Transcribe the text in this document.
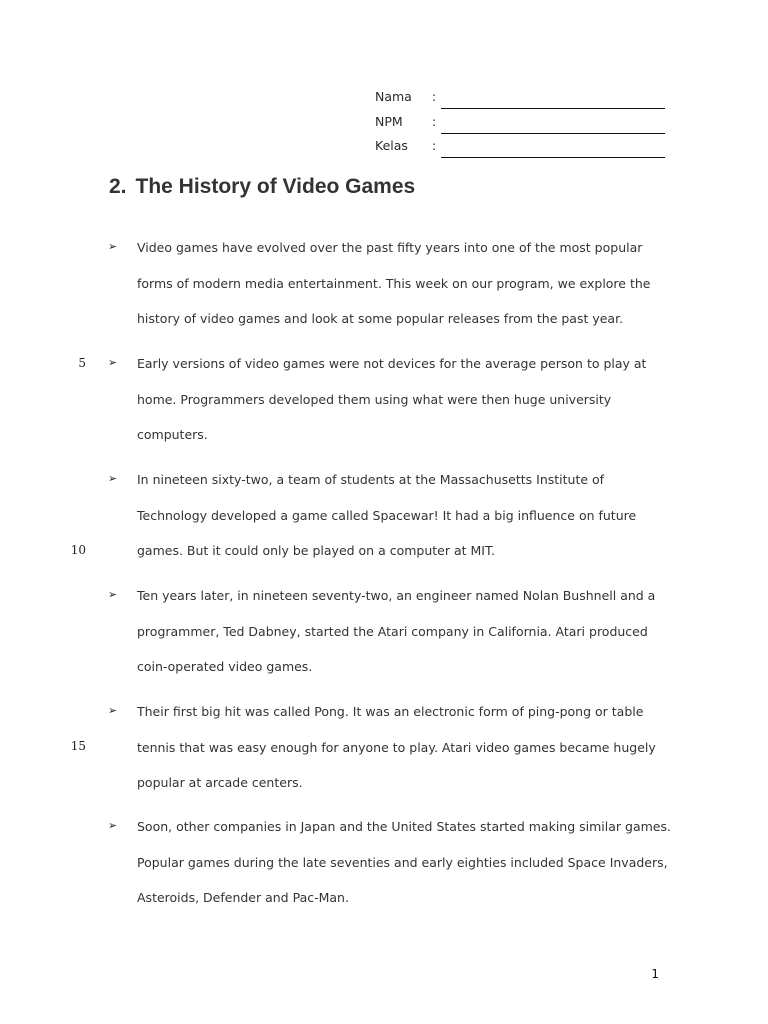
Nama :
NPM :
Kelas :
2. The History of Video Games
➢ Video games have evolved over the past fifty years into one of the most popular
forms of modern media entertainment. This week on our program, we explore the
history of video games and look at some popular releases from the past year.

➢
5	Early versions of video games were not devices for the average person to play at
home. Programmers developed them using what were then huge university
computers.

➢
10

In nineteen sixty-two, a team of students at the Massachusetts Institute of
Technology developed a game called Spacewar! It had a big influence on future
games. But it could only be played on a computer at MIT.

➢ Ten years later, in nineteen seventy-two, an engineer named Nolan Bushnell and a
programmer, Ted Dabney, started the Atari company in California. Atari produced
coin-operated video games.

➢
15

Their first big hit was called Pong. It was an electronic form of ping-pong or table
tennis that was easy enough for anyone to play. Atari video games became hugely
popular at arcade centers.

➢ Soon, other companies in Japan and the United States started making similar games.
Popular games during the late seventies and early eighties included Space Invaders,
Asteroids, Defender and Pac-Man.

1
